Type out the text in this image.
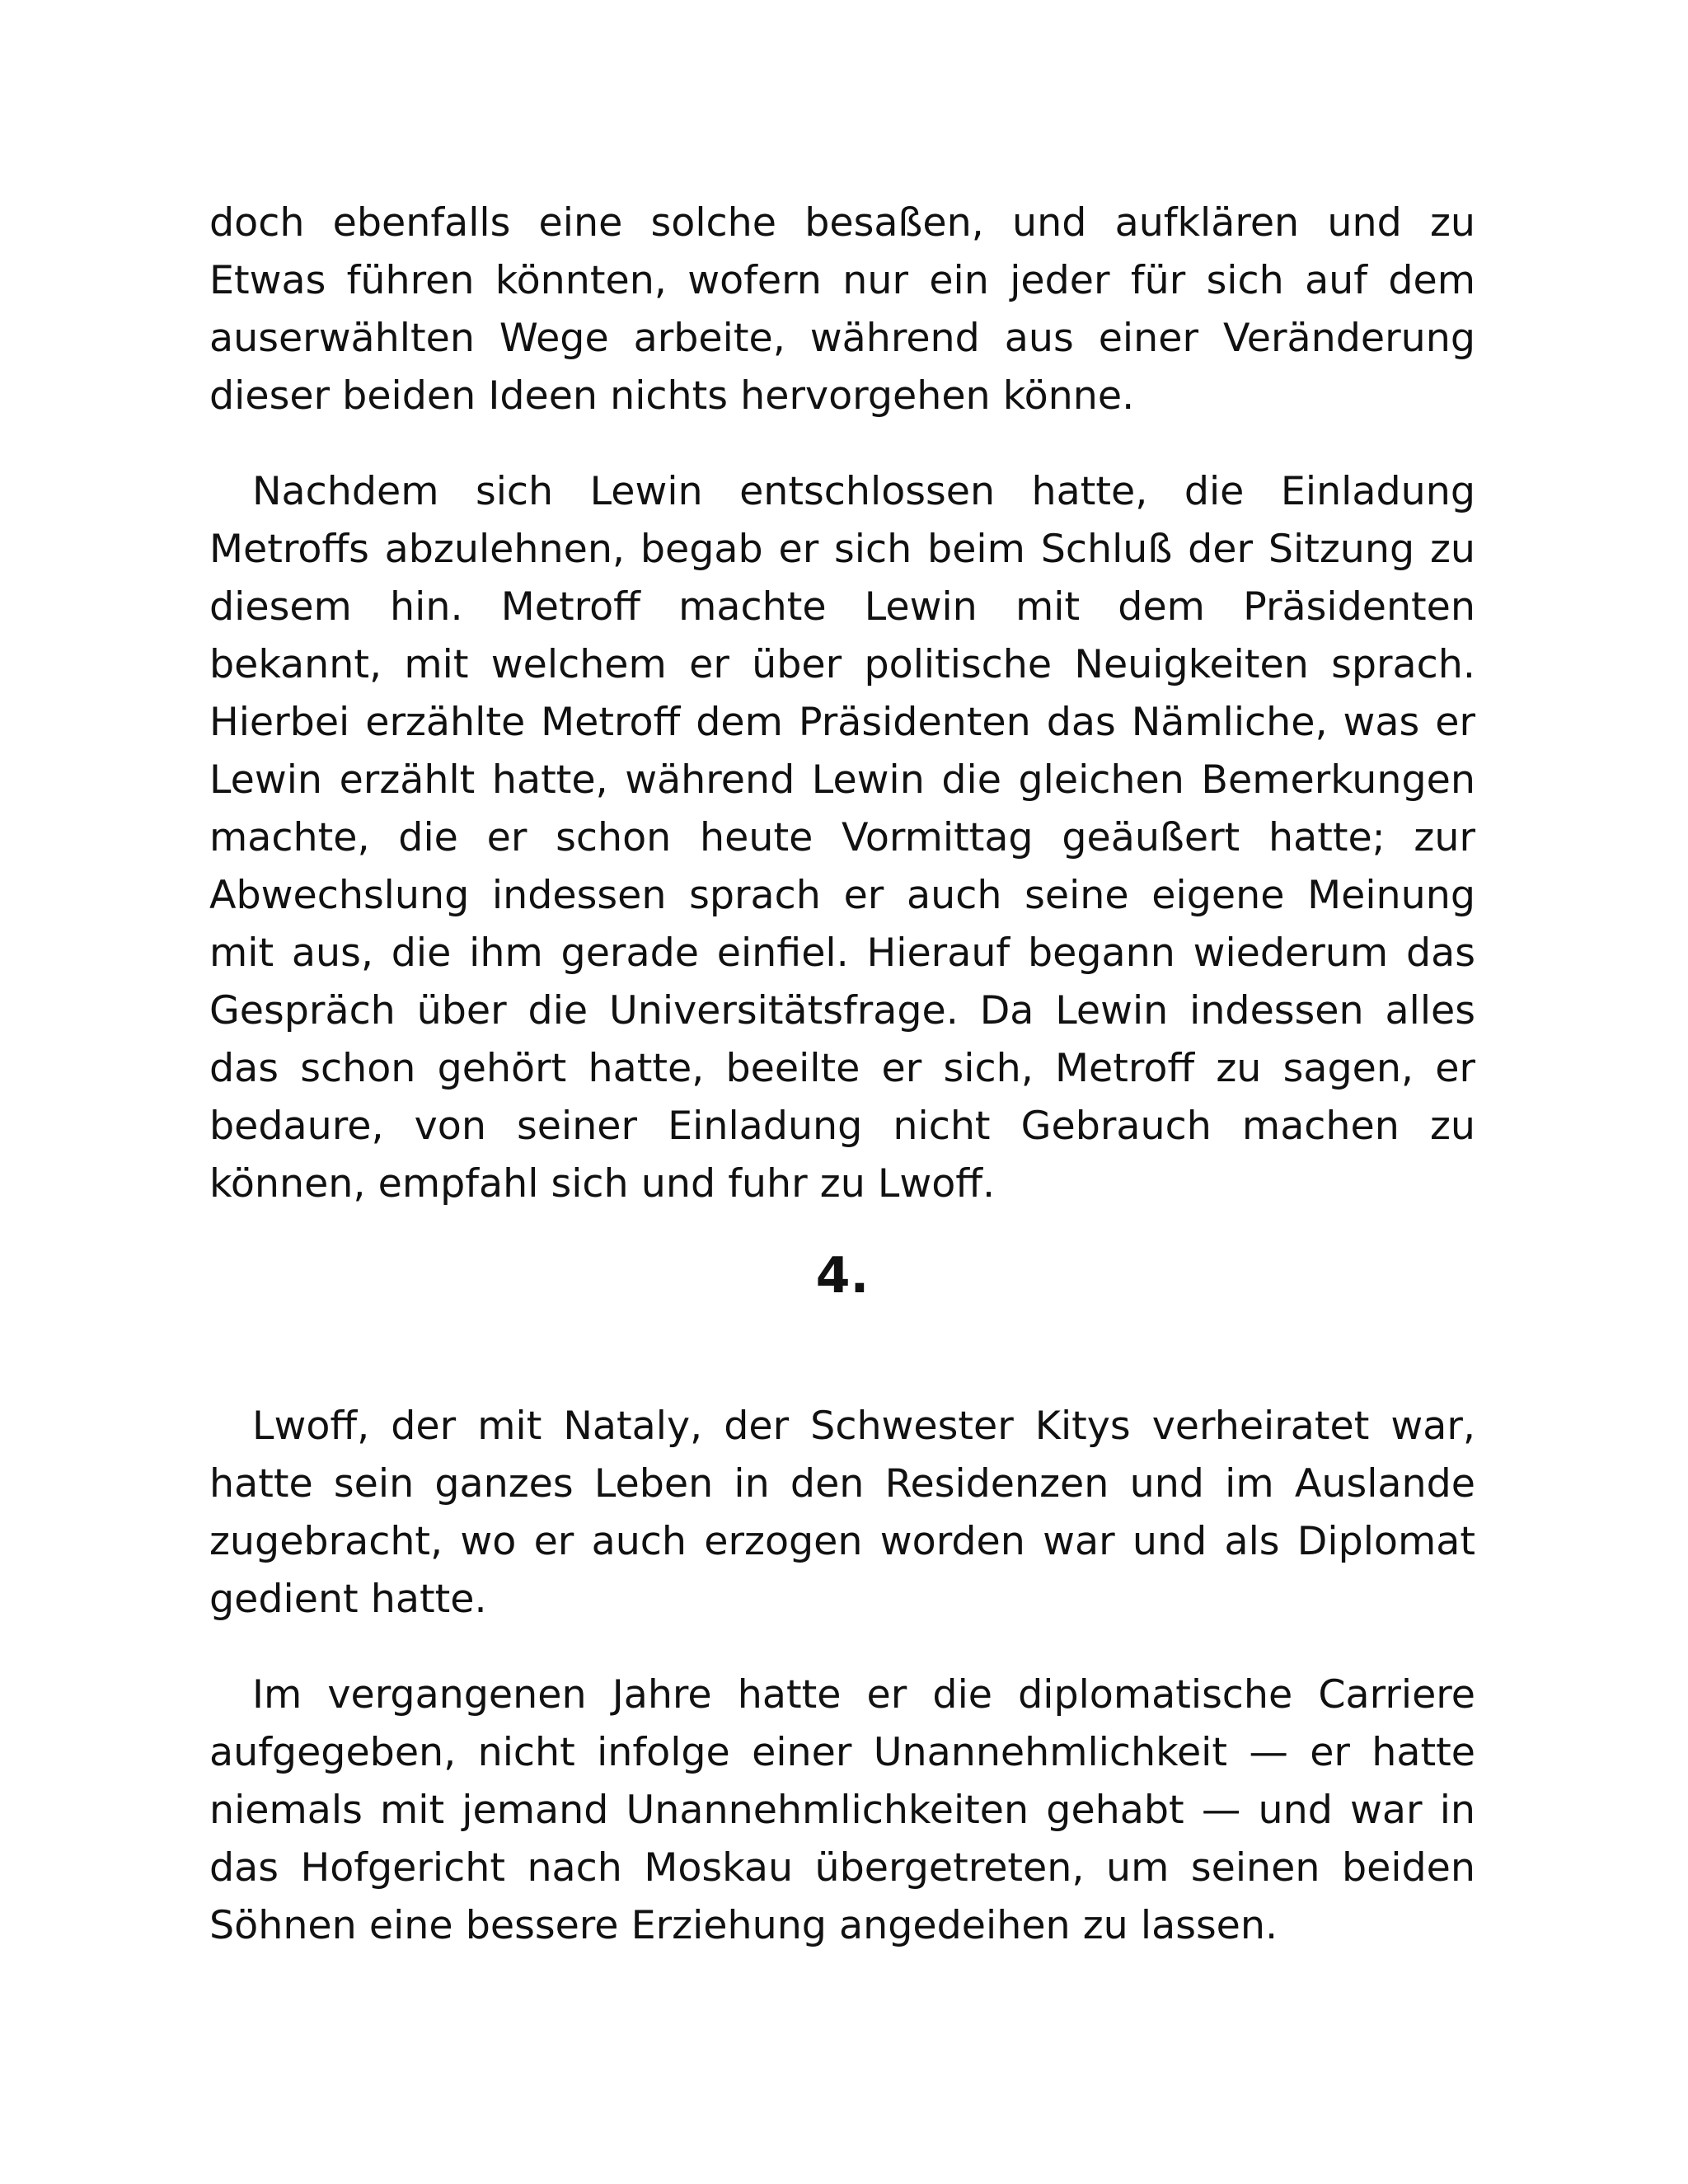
doch ebenfalls eine solche besaßen, und aufklären und zu Etwas führen könnten, wofern nur ein jeder für sich auf dem auserwählten Wege arbeite, während aus einer Veränderung dieser beiden Ideen nichts hervorgehen könne.

Nachdem sich Lewin entschlossen hatte, die Einladung Metroffs abzulehnen, begab er sich beim Schluß der Sitzung zu diesem hin. Metroff machte Lewin mit dem Präsidenten bekannt, mit welchem er über politische Neuigkeiten sprach. Hierbei erzählte Metroff dem Präsidenten das Nämliche, was er Lewin erzählt hatte, während Lewin die gleichen Bemerkungen machte, die er schon heute Vormittag geäußert hatte; zur Abwechslung indessen sprach er auch seine eigene Meinung mit aus, die ihm gerade einfiel. Hierauf begann wiederum das Gespräch über die Universitätsfrage. Da Lewin indessen alles das schon gehört hatte, beeilte er sich, Metroff zu sagen, er bedaure, von seiner Einladung nicht Gebrauch machen zu können, empfahl sich und fuhr zu Lwoff.

4.

Lwoff, der mit Nataly, der Schwester Kitys verheiratet war, hatte sein ganzes Leben in den Residenzen und im Auslande zugebracht, wo er auch erzogen worden war und als Diplomat gedient hatte.

Im vergangenen Jahre hatte er die diplomatische Carriere aufgegeben, nicht infolge einer Unannehmlichkeit — er hatte niemals mit jemand Unannehmlichkeiten gehabt — und war in das Hofgericht nach Moskau übergetreten, um seinen beiden Söhnen eine bessere Erziehung angedeihen zu lassen.
